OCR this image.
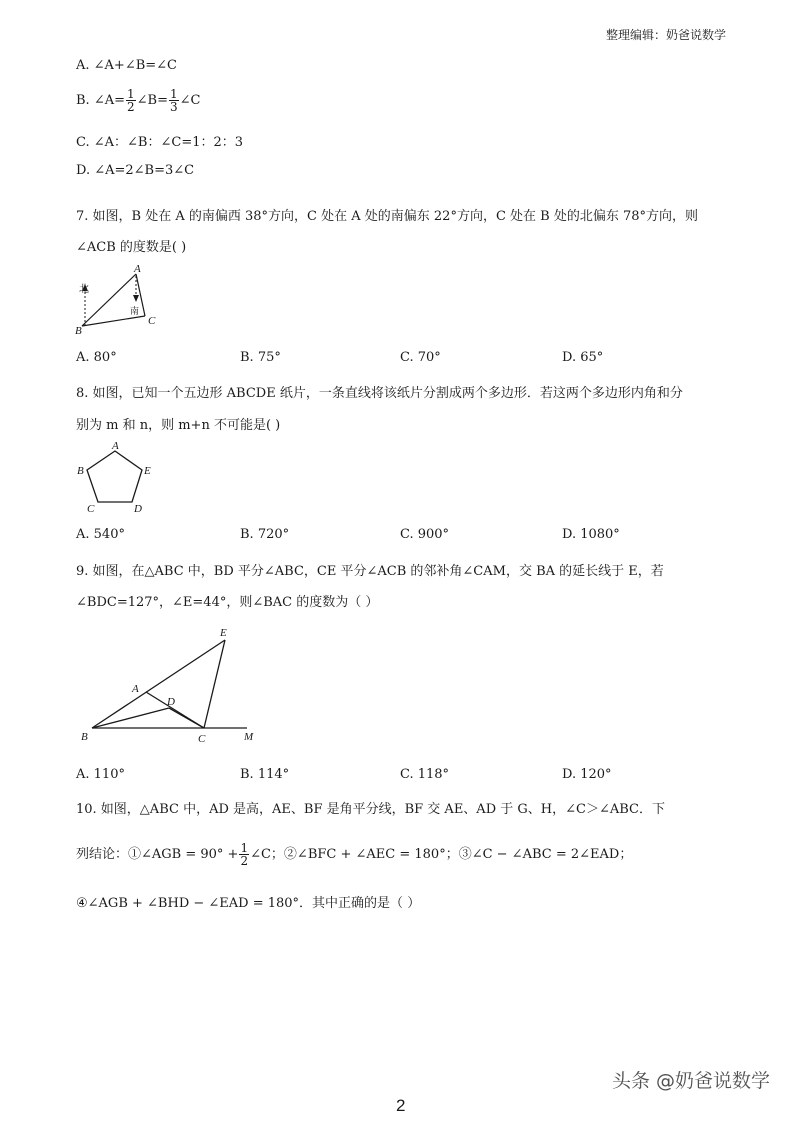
整理编辑：奶爸说数学
A. ∠A+∠B=∠C
B. ∠A= $\frac{1}{2}$ ∠B= $\frac{1}{3}$ ∠C
C. ∠A：∠B：∠C=1：2：3
D. ∠A=2∠B=3∠C
7. 如图，B 处在 A 的南偏西 38°方向，C 处在 A 处的南偏东 22°方向，C 处在 B 处的北偏东 78°方向，则
∠ACB 的度数是( )
北
南
A
B
C
A. 80°	B. 75°	C. 70°	D. 65°
8. 如图，已知一个五边形 ABCDE 纸片，一条直线将该纸片分割成两个多边形．若这两个多边形内角和分
别为 m 和 n，则 m+n 不可能是( )
A
B
C	D
E
A. 540°	B. 720°	C. 900°	D. 1080°
9. 如图，在△ABC 中，BD 平分∠ABC，CE 平分∠ACB 的邻补角∠CAM，交 BA 的延长线于 E，若
∠BDC=127°，∠E=44°，则∠BAC 的度数为（ ）
E
A
D
B	C	M
A. 110°	B. 114°	C. 118°	D. 120°
10. 如图，△ABC 中，AD 是高，AE、BF 是角平分线，BF 交 AE、AD 于 G、H，∠C＞∠ABC．下
列结论：①∠AGB = $90^\circ + \frac{1}{2}$ ∠C；②∠BFC + ∠AEC = 180°；③∠C − ∠ABC = 2∠EAD；
④∠AGB + ∠BHD − ∠EAD = 180°．其中正确的是（ ）
头条 @奶爸说数学
2
